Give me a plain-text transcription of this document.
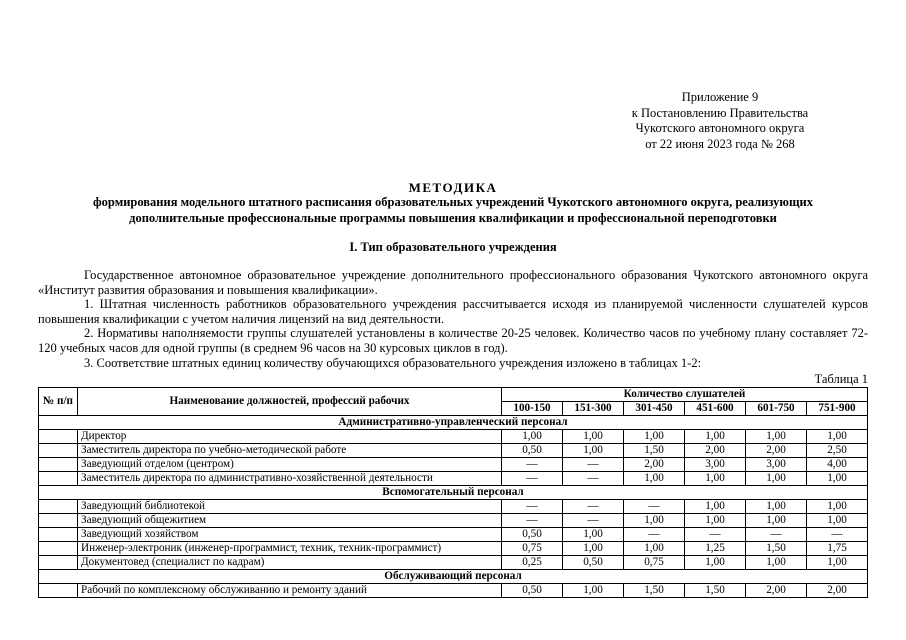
Приложение 9
к Постановлению Правительства
Чукотского автономного округа
от 22 июня 2023 года № 268
МЕТОДИКА
формирования модельного штатного расписания образовательных учреждений Чукотского автономного округа, реализующих
дополнительные профессиональные программы повышения квалификации и профессиональной переподготовки
I. Тип образовательного учреждения

Государственное автономное образовательное учреждение дополнительного профессионального образования Чукотского автономного округа «Институт развития образования и повышения квалификации».

1. Штатная численность работников образовательного учреждения рассчитывается исходя из планируемой численности слушателей курсов повышения квалификации с учетом наличия лицензий на вид деятельности.

2. Нормативы наполняемости группы слушателей установлены в количестве 20-25 человек. Количество часов по учебному плану составляет 72-120 учебных часов для одной группы (в среднем 96 часов на 30 курсовых циклов в год).

3. Соответствие штатных единиц количеству обучающихся образовательного учреждения изложено в таблицах 1-2:

Таблица 1
№ п/п	Наименование должностей, профессий рабочих	Количество слушателей					
		100-150	151-300	301-450	451-600	601-750	751-900
Административно-управленческий персонал							
	Директор	1,00	1,00	1,00	1,00	1,00	1,00
	Заместитель директора по учебно-методической работе	0,50	1,00	1,50	2,00	2,00	2,50
	Заведующий отделом (центром)	—	—	2,00	3,00	3,00	4,00
	Заместитель директора по административно-хозяйственной деятельности	—	—	1,00	1,00	1,00	1,00
Вспомогательный персонал							
	Заведующий библиотекой	—	—	—	1,00	1,00	1,00
	Заведующий общежитием	—	—	1,00	1,00	1,00	1,00
	Заведующий хозяйством	0,50	1,00	—	—	—	—
	Инженер-электроник (инженер-программист, техник, техник-программист)	0,75	1,00	1,00	1,25	1,50	1,75
	Документовед (специалист по кадрам)	0,25	0,50	0,75	1,00	1,00	1,00
Обслуживающий персонал							
	Рабочий по комплексному обслуживанию и ремонту зданий	0,50	1,00	1,50	1,50	2,00	2,00
